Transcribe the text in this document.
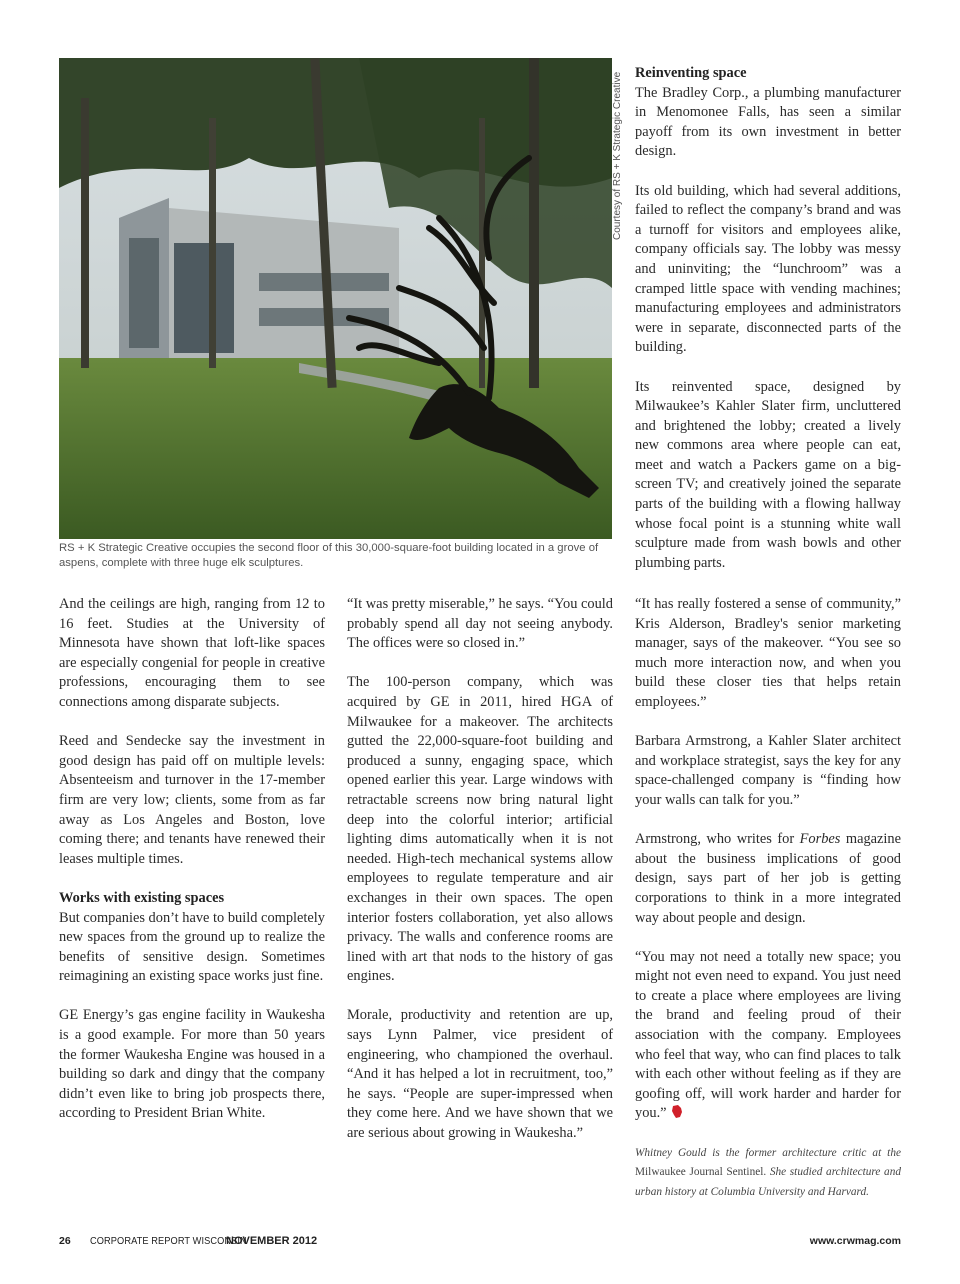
Courtesy of RS + K Strategic Creative
RS + K Strategic Creative occupies the second floor of this 30,000-square-foot building located in a grove of aspens, complete with three huge elk sculptures.
Reinventing space

The Bradley Corp., a plumbing manufacturer in Menomonee Falls, has seen a similar payoff from its own investment in better design.

Its old building, which had several additions, failed to reflect the company’s brand and was a turnoff for visitors and employees alike, company officials say. The lobby was messy and uninviting; the “lunchroom” was a cramped little space with vending machines; manufacturing employees and administrators were in separate, disconnected parts of the building.

Its reinvented space, designed by Milwaukee’s Kahler Slater firm, uncluttered and brightened the lobby; created a lively new commons area where people can eat, meet and watch a Packers game on a big-screen TV; and creatively joined the separate parts of the building with a flowing hallway whose focal point is a stunning white wall sculpture made from wash bowls and other plumbing parts.

And the ceilings are high, ranging from 12 to 16 feet. Studies at the University of Minnesota have shown that loft-like spaces are especially congenial for people in creative professions, encouraging them to see connections among disparate subjects.

Reed and Sendecke say the investment in good design has paid off on multiple levels: Absenteeism and turnover in the 17-member firm are very low; clients, some from as far away as Los Angeles and Boston, love coming there; and tenants have renewed their leases multiple times.

Works with existing spaces

But companies don’t have to build completely new spaces from the ground up to realize the benefits of sensitive design. Sometimes reimagining an existing space works just fine.

GE Energy’s gas engine facility in Waukesha is a good example. For more than 50 years the former Waukesha Engine was housed in a building so dark and dingy that the company didn’t even like to bring job prospects there, according to President Brian White.

“It was pretty miserable,” he says. “You could probably spend all day not seeing anybody. The offices were so closed in.”

The 100-person company, which was acquired by GE in 2011, hired HGA of Milwaukee for a makeover. The architects gutted the 22,000-square-foot building and produced a sunny, engaging space, which opened earlier this year. Large windows with retractable screens now bring natural light deep into the colorful interior; artificial lighting dims automatically when it is not needed. High-tech mechanical systems allow employees to regulate temperature and air exchanges in their own spaces. The open interior fosters collaboration, yet also allows privacy. The walls and conference rooms are lined with art that nods to the history of gas engines.

Morale, productivity and retention are up, says Lynn Palmer, vice president of engineering, who championed the overhaul. “And it has helped a lot in recruitment, too,” he says. “People are super-impressed when they come here. And we have shown that we are serious about growing in Waukesha.”

“It has really fostered a sense of community,” Kris Alderson, Bradley's senior marketing manager, says of the makeover. “You see so much more interaction now, and when you build these closer ties that helps retain employees.”

Barbara Armstrong, a Kahler Slater architect and workplace strategist, says the key for any space-challenged company is “finding how your walls can talk for you.”

Armstrong, who writes for Forbes magazine about the business implications of good design, says part of her job is getting corporations to think in a more integrated way about people and design.

“You may not need a totally new space; you might not even need to expand. You just need to create a place where employees are living the brand and feeling proud of their association with the company. Employees who feel that way, who can find places to talk with each other without feeling as if they are goofing off, will work harder and harder for you.”

Whitney Gould is the former architecture critic at the Milwaukee Journal Sentinel. She studied architecture and urban history at Columbia University and Harvard.

26 CORPORATE REPORT WISCONSIN
NOVEMBER 2012	www.crwmag.com
